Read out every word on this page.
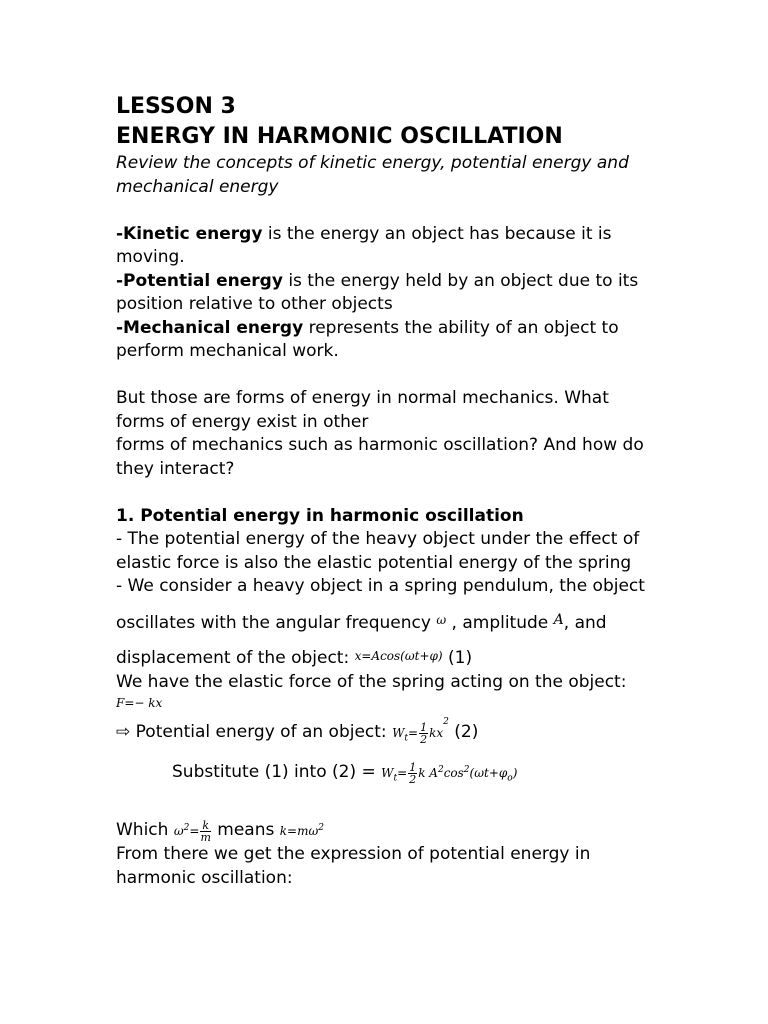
LESSON 3
ENERGY IN HARMONIC OSCILLATION
Review the concepts of kinetic energy, potential energy and mechanical energy
-Kinetic energy is the energy an object has because it is moving.
-Potential energy is the energy held by an object due to its position relative to other objects
-Mechanical energy represents the ability of an object to perform mechanical work.
But those are forms of energy in normal mechanics. What forms of energy exist in other
forms of mechanics such as harmonic oscillation? And how do they interact?
1. Potential energy in harmonic oscillation
- The potential energy of the heavy object under the effect of elastic force is also the elastic potential energy of the spring
- We consider a heavy object in a spring pendulum, the object
oscillates with the angular frequency $^\omega$ , amplitude $^A$, and
displacement of the object: x=Acos(ωt+φ) (1)
We have the elastic force of the spring acting on the object:
F=− kx
⇨ Potential energy of an object: $W_t= \frac{1}{2} kx^2$ (2)
Substitute (1) into $(2) = W_t= \frac{1}{2}$ k $A^2\cos^2(\omega t+\varphi_o)$
Which $\omega^2= \frac{k}{m}$ means $k=m\omega^2$
From there we get the expression of potential energy in harmonic oscillation:
